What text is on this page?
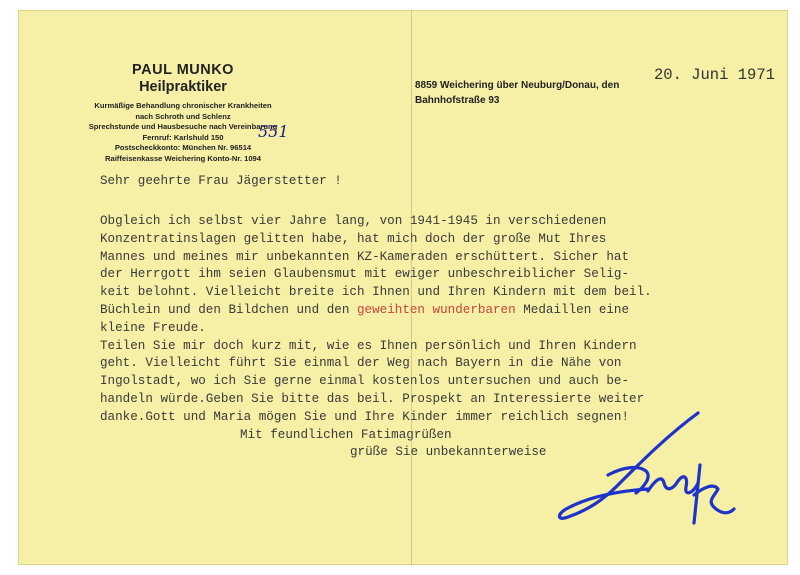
PAUL MUNKO
Heilpraktiker
Kurmäßige Behandlung chronischer Krankheiten
nach Schroth und Schlenz
Sprechstunde und Hausbesuche nach Vereinbarung
Fernruf: Karlshuld 150 551
Postscheckkonto: München Nr. 96514
Raiffeisenkasse Weichering Konto-Nr. 1094
8859 Weichering über Neuburg/Donau, den
Bahnhofstraße 93
20. Juni 1971
Sehr geehrte Frau Jägerstetter !
Obgleich ich selbst vier Jahre lang, von 1941-1945 in verschiedenen
Konzentratinslagen gelitten habe, hat mich doch der große Mut Ihres
Mannes und meines mir unbekannten KZ-Kameraden erschüttert. Sicher hat
der Herrgott ihm seien Glaubensmut mit ewiger unbeschreiblicher Selig-
keit belohnt. Vielleicht breite ich Ihnen und Ihren Kindern mit dem beil.
Büchlein und den Bildchen und den geweihten wunderbaren Medaillen eine
kleine Freude.
Teilen Sie mir doch kurz mit, wie es Ihnen persönlich und Ihren Kindern
geht. Vielleicht führt Sie einmal der Weg nach Bayern in die Nähe von
Ingolstadt, wo ich Sie gerne einmal kostenlos untersuchen und auch be-
handeln würde.Geben Sie bitte das beil. Prospekt an Interessierte weiter
danke.Gott und Maria mögen Sie und Ihre Kinder immer reichlich segnen!
Mit feundlichen Fatimagrüßen
grüße Sie unbekannterweise
